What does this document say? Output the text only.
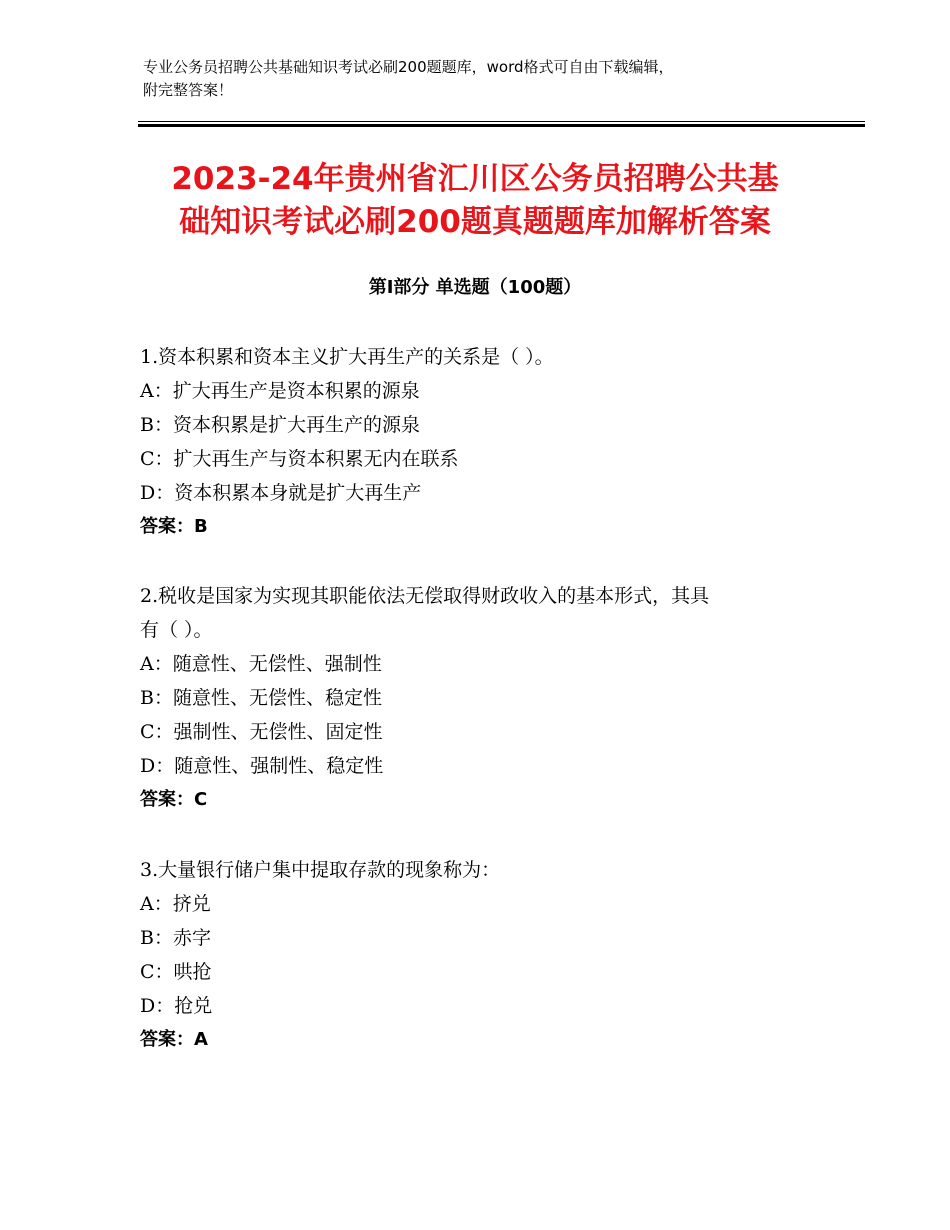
专业公务员招聘公共基础知识考试必刷200题题库，word格式可自由下载编辑，
附完整答案！
2023-24年贵州省汇川区公务员招聘公共基
础知识考试必刷200题真题题库加解析答案
第Ⅰ部分 单选题（100题）
1.资本积累和资本主义扩大再生产的关系是（ ）。
A：扩大再生产是资本积累的源泉
B：资本积累是扩大再生产的源泉
C：扩大再生产与资本积累无内在联系
D：资本积累本身就是扩大再生产
答案：B
2.税收是国家为实现其职能依法无偿取得财政收入的基本形式，其具
有（ ）。
A：随意性、无偿性、强制性
B：随意性、无偿性、稳定性
C：强制性、无偿性、固定性
D：随意性、强制性、稳定性
答案：C
3.大量银行储户集中提取存款的现象称为：
A：挤兑
B：赤字
C：哄抢
D：抢兑
答案：A
